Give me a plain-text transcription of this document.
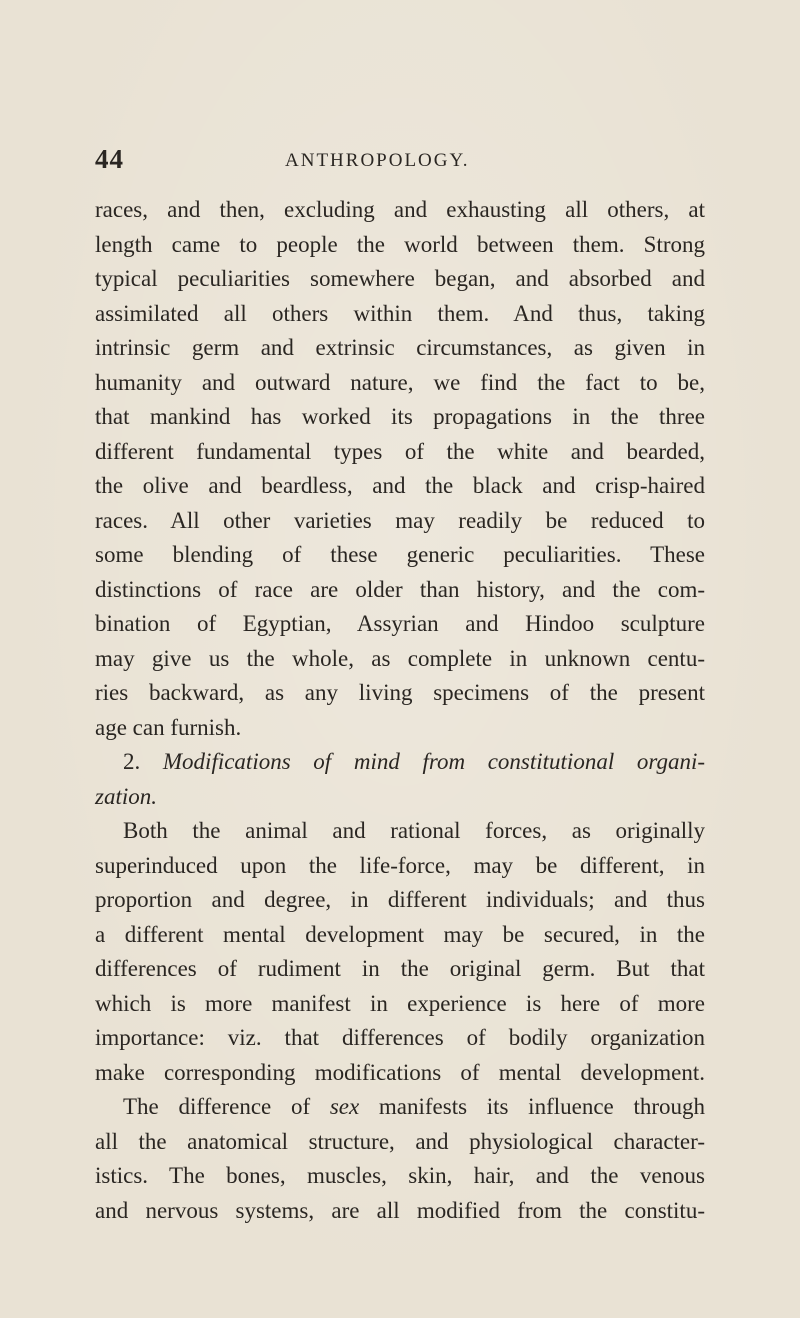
44	ANTHROPOLOGY.
races, and then, excluding and exhausting all others, at
length came to people the world between them. Strong
typical peculiarities somewhere began, and absorbed and
assimilated all others within them. And thus, taking
intrinsic germ and extrinsic circumstances, as given in
humanity and outward nature, we find the fact to be,
that mankind has worked its propagations in the three
different fundamental types of the white and bearded,
the olive and beardless, and the black and crisp-haired
races. All other varieties may readily be reduced to
some blending of these generic peculiarities. These
distinctions of race are older than history, and the com-
bination of Egyptian, Assyrian and Hindoo sculpture
may give us the whole, as complete in unknown centu-
ries backward, as any living specimens of the present
age can furnish.
2. Modifications of mind from constitutional organi-
zation.
Both the animal and rational forces, as originally
superinduced upon the life-force, may be different, in
proportion and degree, in different individuals; and thus
a different mental development may be secured, in the
differences of rudiment in the original germ. But that
which is more manifest in experience is here of more
importance: viz. that differences of bodily organization
make corresponding modifications of mental development.
The difference of sex manifests its influence through
all the anatomical structure, and physiological character-
istics. The bones, muscles, skin, hair, and the venous
and nervous systems, are all modified from the constitu-
